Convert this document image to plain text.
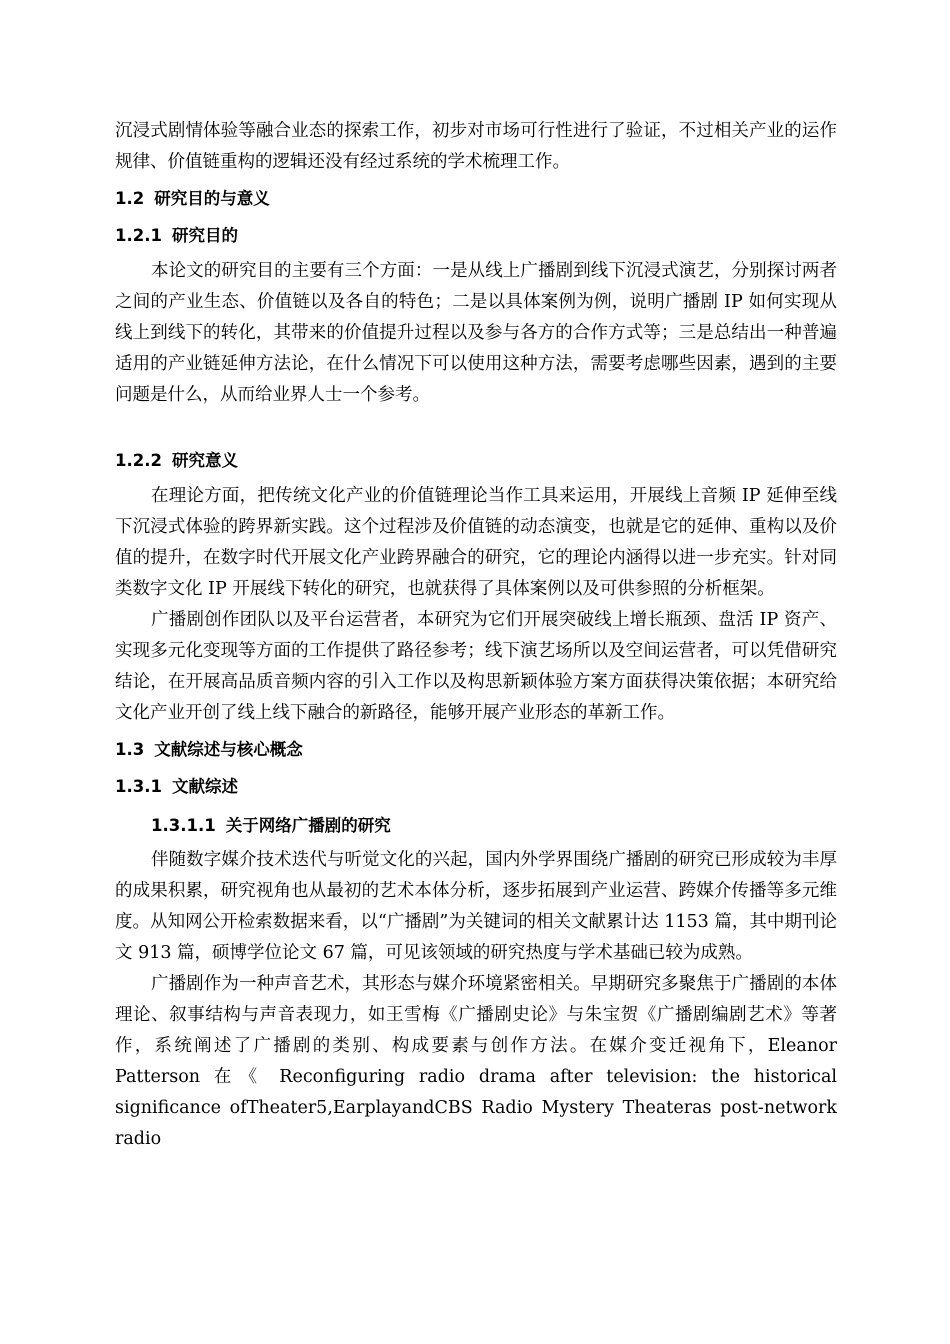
沉浸式剧情体验等融合业态的探索工作，初步对市场可行性进行了验证，不过相关产业的运作规律、价值链重构的逻辑还没有经过系统的学术梳理工作。

1.2 研究目的与意义
1.2.1 研究目的

本论文的研究目的主要有三个方面：一是从线上广播剧到线下沉浸式演艺，分别探讨两者之间的产业生态、价值链以及各自的特色；二是以具体案例为例，说明广播剧 IP 如何实现从线上到线下的转化，其带来的价值提升过程以及参与各方的合作方式等；三是总结出一种普遍适用的产业链延伸方法论，在什么情况下可以使用这种方法，需要考虑哪些因素，遇到的主要问题是什么，从而给业界人士一个参考。

1.2.2 研究意义

在理论方面，把传统文化产业的价值链理论当作工具来运用，开展线上音频 IP 延伸至线下沉浸式体验的跨界新实践。这个过程涉及价值链的动态演变，也就是它的延伸、重构以及价值的提升，在数字时代开展文化产业跨界融合的研究，它的理论内涵得以进一步充实。针对同类数字文化 IP 开展线下转化的研究，也就获得了具体案例以及可供参照的分析框架。

广播剧创作团队以及平台运营者，本研究为它们开展突破线上增长瓶颈、盘活 IP 资产、实现多元化变现等方面的工作提供了路径参考；线下演艺场所以及空间运营者，可以凭借研究结论，在开展高品质音频内容的引入工作以及构思新颖体验方案方面获得决策依据；本研究给文化产业开创了线上线下融合的新路径，能够开展产业形态的革新工作。

1.3 文献综述与核心概念
1.3.1 文献综述
1.3.1.1 关于网络广播剧的研究

伴随数字媒介技术迭代与听觉文化的兴起，国内外学界围绕广播剧的研究已形成较为丰厚的成果积累，研究视角也从最初的艺术本体分析，逐步拓展到产业运营、跨媒介传播等多元维度。从知网公开检索数据来看，以“广播剧”为关键词的相关文献累计达 1153 篇，其中期刊论文 913 篇，硕博学位论文 67 篇，可见该领域的研究热度与学术基础已较为成熟。

广播剧作为一种声音艺术，其形态与媒介环境紧密相关。早期研究多聚焦于广播剧的本体理论、叙事结构与声音表现力，如王雪梅《广播剧史论》与朱宝贺《广播剧编剧艺术》等著作，系统阐述了广播剧的类别、构成要素与创作方法。在媒介变迁视角下，Eleanor Patterson 在《 Reconfiguring radio drama after television: the historical significance ofTheater5,EarplayandCBS Radio Mystery Theateras post-network radio
